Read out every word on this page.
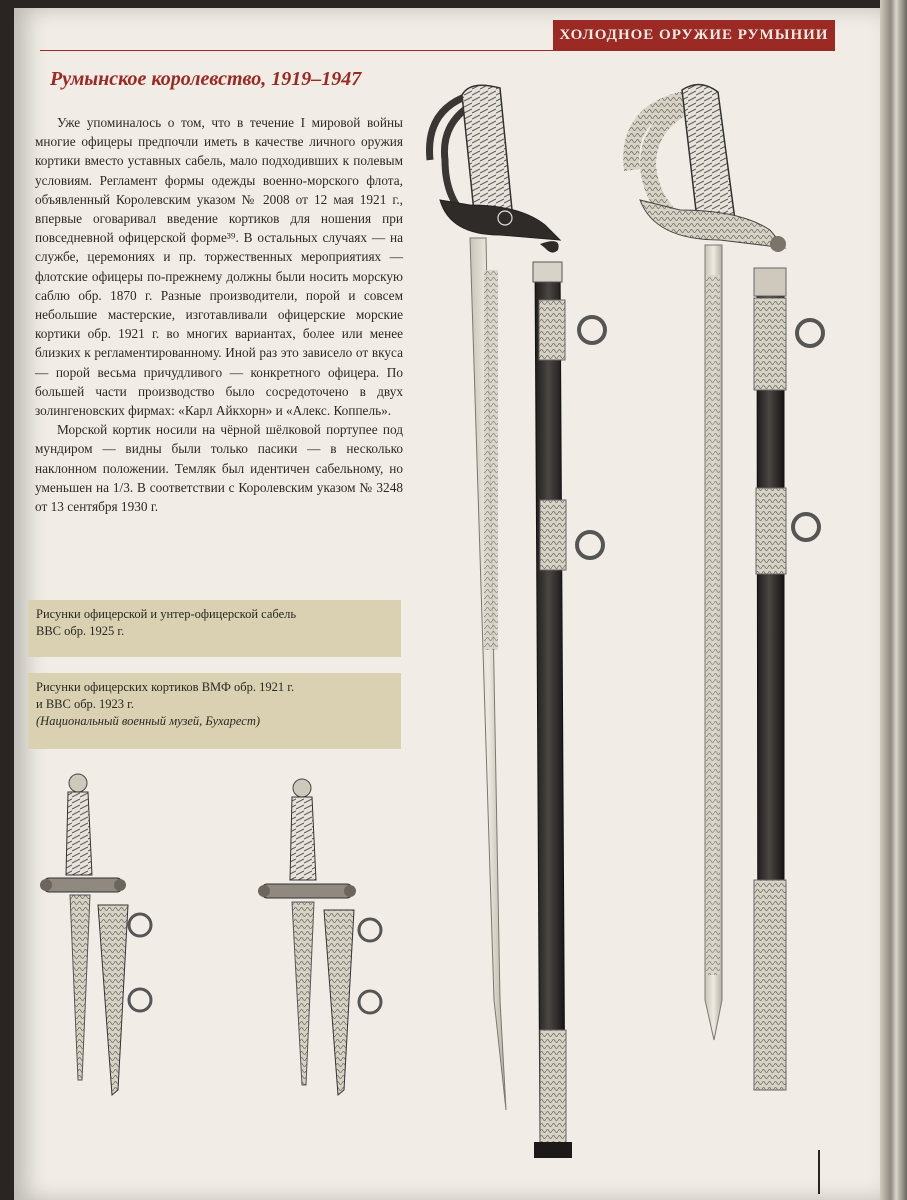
ХОЛОДНОЕ ОРУЖИЕ РУМЫНИИ
Румынское королевство, 1919–1947

Уже упоминалось о том, что в течение I мировой войны многие офицеры предпочли иметь в качестве личного оружия кортики вместо уставных сабель, мало подходивших к полевым условиям. Регламент формы одежды военно-морского флота, объявленный Королевским указом № 2008 от 12 мая 1921 г., впервые оговаривал введение кортиков для ношения при повседневной офицерской форме³⁹. В остальных случаях — на службе, церемониях и пр. торжественных мероприятиях — флотские офицеры по-прежнему должны были носить морскую саблю обр. 1870 г. Разные производители, порой и совсем небольшие мастерские, изготавливали офицерские морские кортики обр. 1921 г. во многих вариантах, более или менее близких к регламентированному. Иной раз это зависело от вкуса — порой весьма причудливого — конкретного офицера. По большей части производство было сосредоточено в двух золингеновских фирмах: «Карл Айкхорн» и «Алекс. Коппель».

Морской кортик носили на чёрной шёлковой портупее под мундиром — видны были только пасики — в несколько наклонном положении. Темляк был идентичен сабельному, но уменьшен на 1/3. В соответствии с Королевским указом № 3248 от 13 сентября 1930 г.

Рисунки офицерской и унтер-офицерской сабель
ВВС обр. 1925 г.
Рисунки офицерских кортиков ВМФ обр. 1921 г.
и ВВС обр. 1923 г.
(Национальный военный музей, Бухарест)
